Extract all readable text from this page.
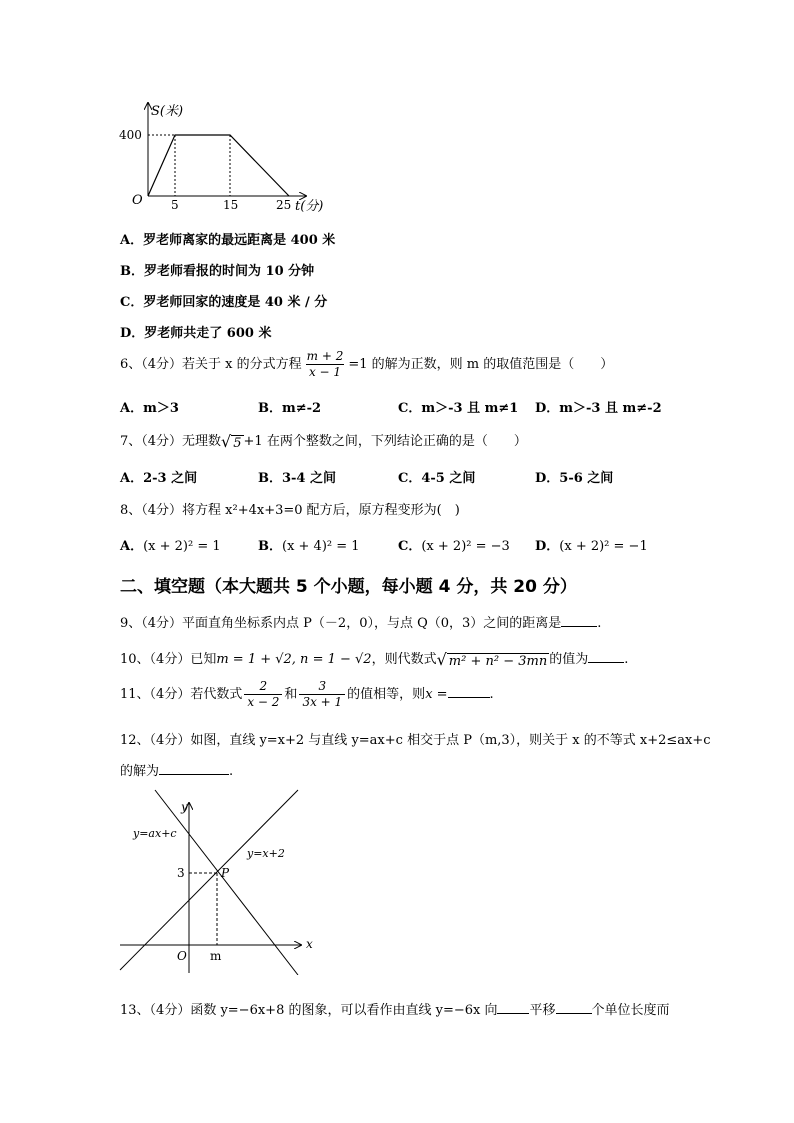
S(米)
t(分)
O
400
5	15	25
A．罗老师离家的最远距离是 400 米
B．罗老师看报的时间为 10 分钟
C．罗老师回家的速度是 40 米 / 分
D．罗老师共走了 600 米
6、（4分）若关于 x 的分式方程 $\frac{m + 2}{x - 1} =1$ 的解为正数，则 m 的取值范围是（　　）
A．m＞3	B．m≠-2	C．m＞-3 且 m≠1 D．m＞-3 且 m≠-2
7、（4分）无理数√ 5 +1 在两个整数之间，下列结论正确的是（　　）
A．2-3 之间	B．3-4 之间	C．4-5 之间	D．5-6 之间
8、（4分）将方程 x²+4x+3=0 配方后，原方程变形为(　)
A．(x + 2)² = 1	B．(x + 4)² = 1	C．(x + 2)² = −3 D．(x + 2)² = −1
二、填空题（本大题共 5 个小题，每小题 4 分，共 20 分）
9、（4分）平面直角坐标系内点 P（－2，0），与点 Q（0，3）之间的距离是	.
10、（4分）已知m = 1 + √2, n = 1 − √2，则代数式√ m² + n² − 3mn 的值为	.
11、（4分）若代数式 $\frac{2}{x - 2}$ 和 $\frac{3}{3x + 1}$ 的值相等，则x =	.
12、（4分）如图，直线 y=x+2 与直线 y=ax+c 相交于点 P（m,3），则关于 x 的不等式 x+2≤ax+c
的解为	.
y
x
O m
3	P
y=ax+c
y=x+2
13、（4分）函数 y=−6x+8 的图象，可以看作由直线 y=−6x 向 平移	个单位长度而
